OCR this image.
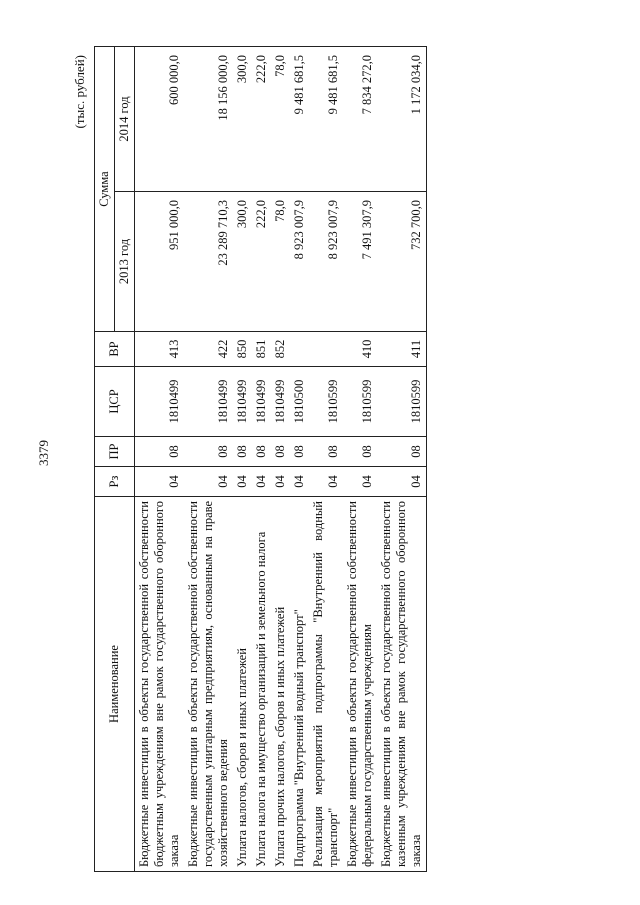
3379
(тыс. рублей)
Наименование	Рз	ПР	ЦСР	ВР	Сумма	
					2013 год	2014 год
Бюджетные инвестиции в объекты государственной собственности бюджетным учреждениям вне рамок государственного оборонного заказа	04	08	1810499	413	951 000,0	600 000,0
Бюджетные инвестиции в объекты государственной собственности государственным унитарным предприятиям, основанным на праве хозяйственного ведения	04	08	1810499	422	23 289 710,3	18 156 000,0
Уплата налогов, сборов и иных платежей	04	08	1810499	850	300,0	300,0
Уплата налога на имущество организаций и земельного налога	04	08	1810499	851	222,0	222,0
Уплата прочих налогов, сборов и иных платежей	04	08	1810499	852	78,0	78,0
Подпрограмма "Внутренний водный транспорт"	04	08	1810500		8 923 007,9	9 481 681,5
Реализация мероприятий подпрограммы "Внутренний водный транспорт"	04	08	1810599		8 923 007,9	9 481 681,5
Бюджетные инвестиции в объекты государственной собственности федеральным государственным учреждениям	04	08	1810599	410	7 491 307,9	7 834 272,0
Бюджетные инвестиции в объекты государственной собственности казенным учреждениям вне рамок государственного оборонного заказа	04	08	1810599	411	732 700,0	1 172 034,0
